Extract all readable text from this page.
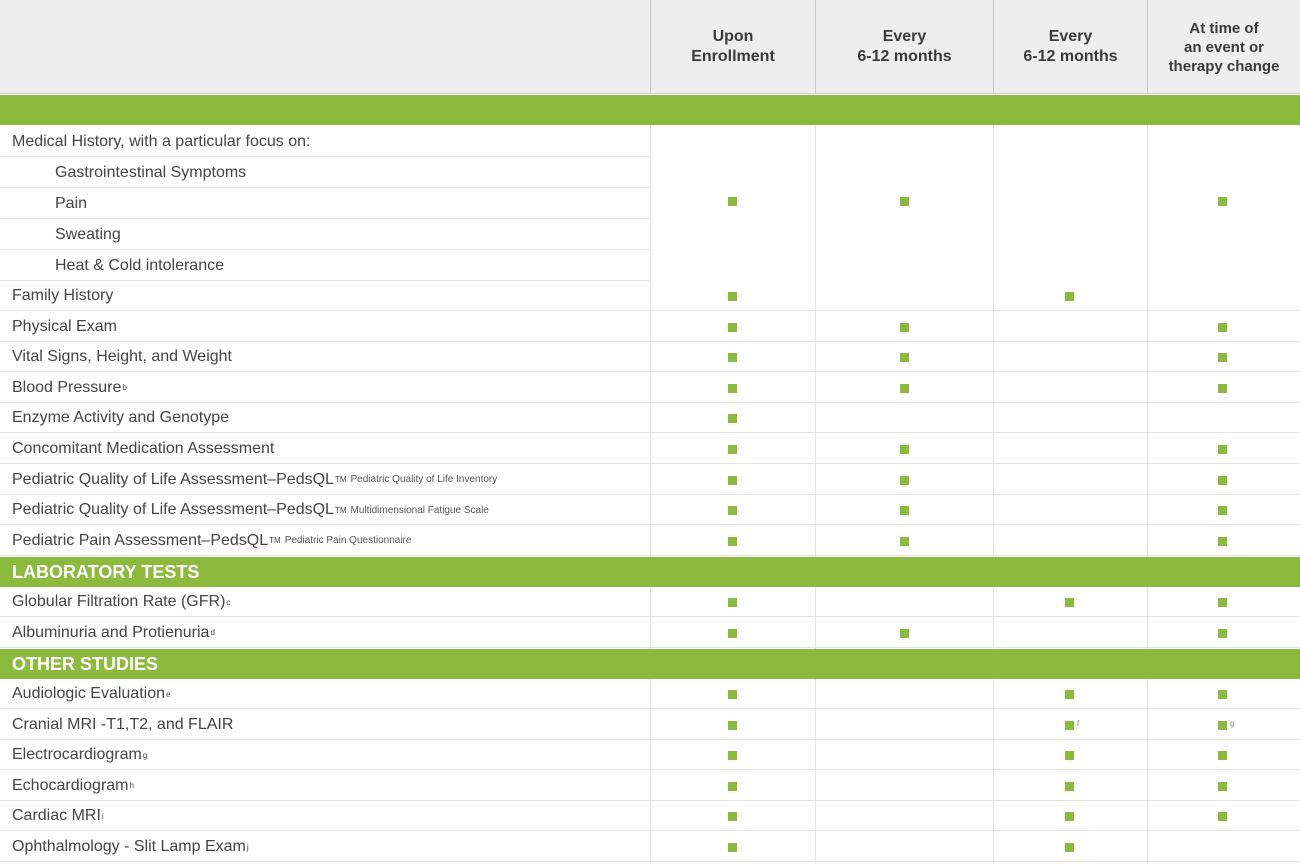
Upon
Enrollment
Every
6-12 months
Every
6-12 months
At time of
an event or
therapy change
Medical History, with a particular focus on:
Gastrointestinal Symptoms
Pain
Sweating
Heat & Cold intolerance
Family History
Physical Exam
Vital Signs, Height, and Weight
Blood Pressure b
Enzyme Activity and Genotype
Concomitant Medication Assessment
Pediatric Quality of Life Assessment–PedsQL TM Pediatric Quality of Life Inventory
Pediatric Quality of Life Assessment–PedsQL TM Multidimensional Fatigue Scale
Pediatric Pain Assessment–PedsQL TM Pediatric Pain Questionnaire
LABORATORY TESTS
Globular Filtration Rate (GFR) c
Albuminuria and Protienuria d
OTHER STUDIES
Audiologic Evaluation e
Cranial MRI -T1,T2, and FLAIR
Electrocardiogram g
Echocardiogram h
Cardiac MRI i
Ophthalmology - Slit Lamp Exam j
f	g
